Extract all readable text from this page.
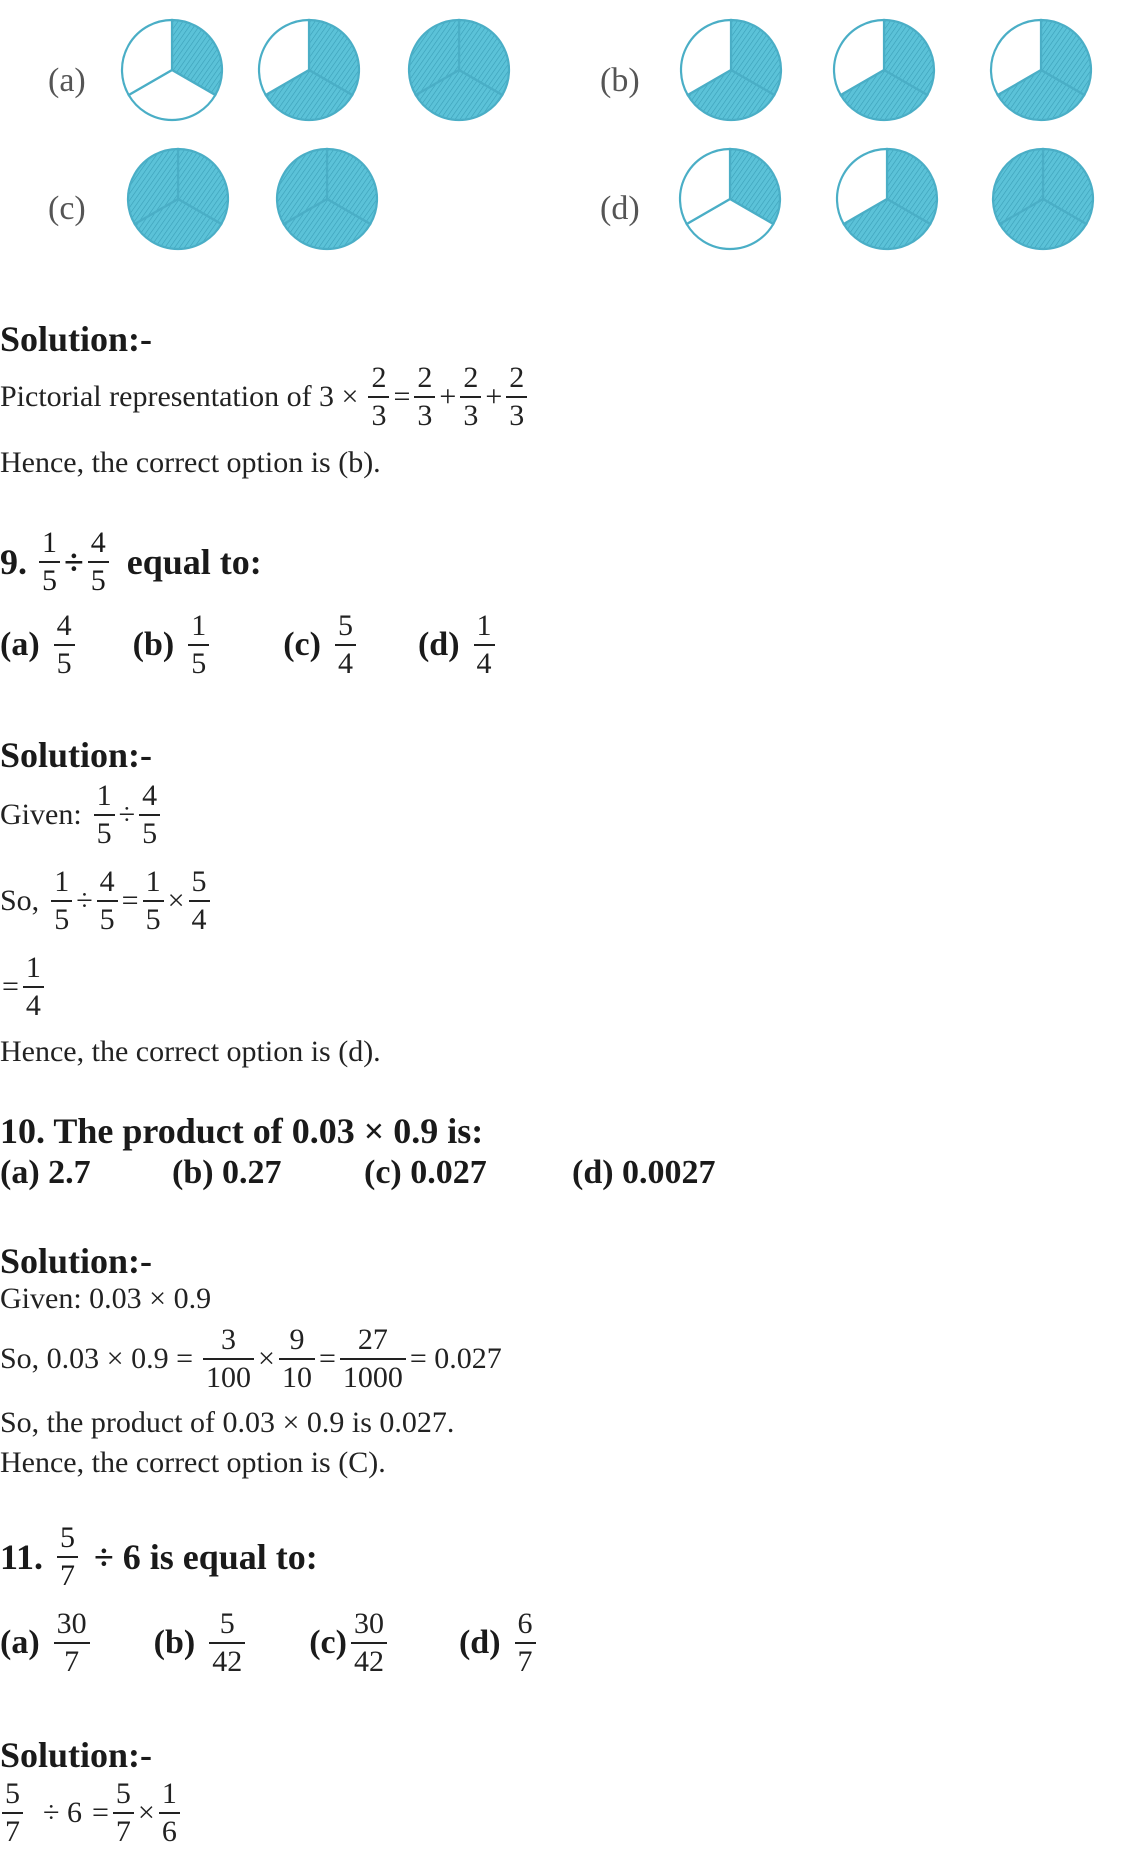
(a)	(b)
(c)	(d)
Solution:-
Pictorial representation of $3 \times \frac{2}{3} = \frac{2}{3} + \frac{2}{3} + \frac{2}{3}$
Hence, the correct option is (b).
9. $\frac{1}{5} \div \frac{4}{5}$ equal to:
$(a) \frac{4}{5} (b) \frac{1}{5} (c) \frac{5}{4} (d) \frac{1}{4}$
Solution:-
Given: $\frac{1}{5} \div \frac{4}{5}$
So, $\frac{1}{5} \div \frac{4}{5} = \frac{1}{5} \times \frac{5}{4}$
= $\frac{1}{4}$
Hence, the correct option is (d).
10. The product of 0.03 × 0.9 is:
(a) 2.7 (b) 0.27 (c) 0.027	(d) 0.0027
Solution:-
Given: 0.03 × 0.9
So, $0.03 \times 0.9 = \frac{3}{100} \times \frac{9}{10} = \frac{27}{1000} = 0.027$
So, the product of 0.03 × 0.9 is 0.027.
Hence, the correct option is (C).
11. $\frac{5}{7} \div 6$ is equal to:
$(a) \frac{30}{7} (b) \frac{5}{42} (c) \frac{30}{42} (d) \frac{6}{7}$
Solution:-
$\frac{5}{7} \div 6 = \frac{5}{7} \times \frac{1}{6}$
